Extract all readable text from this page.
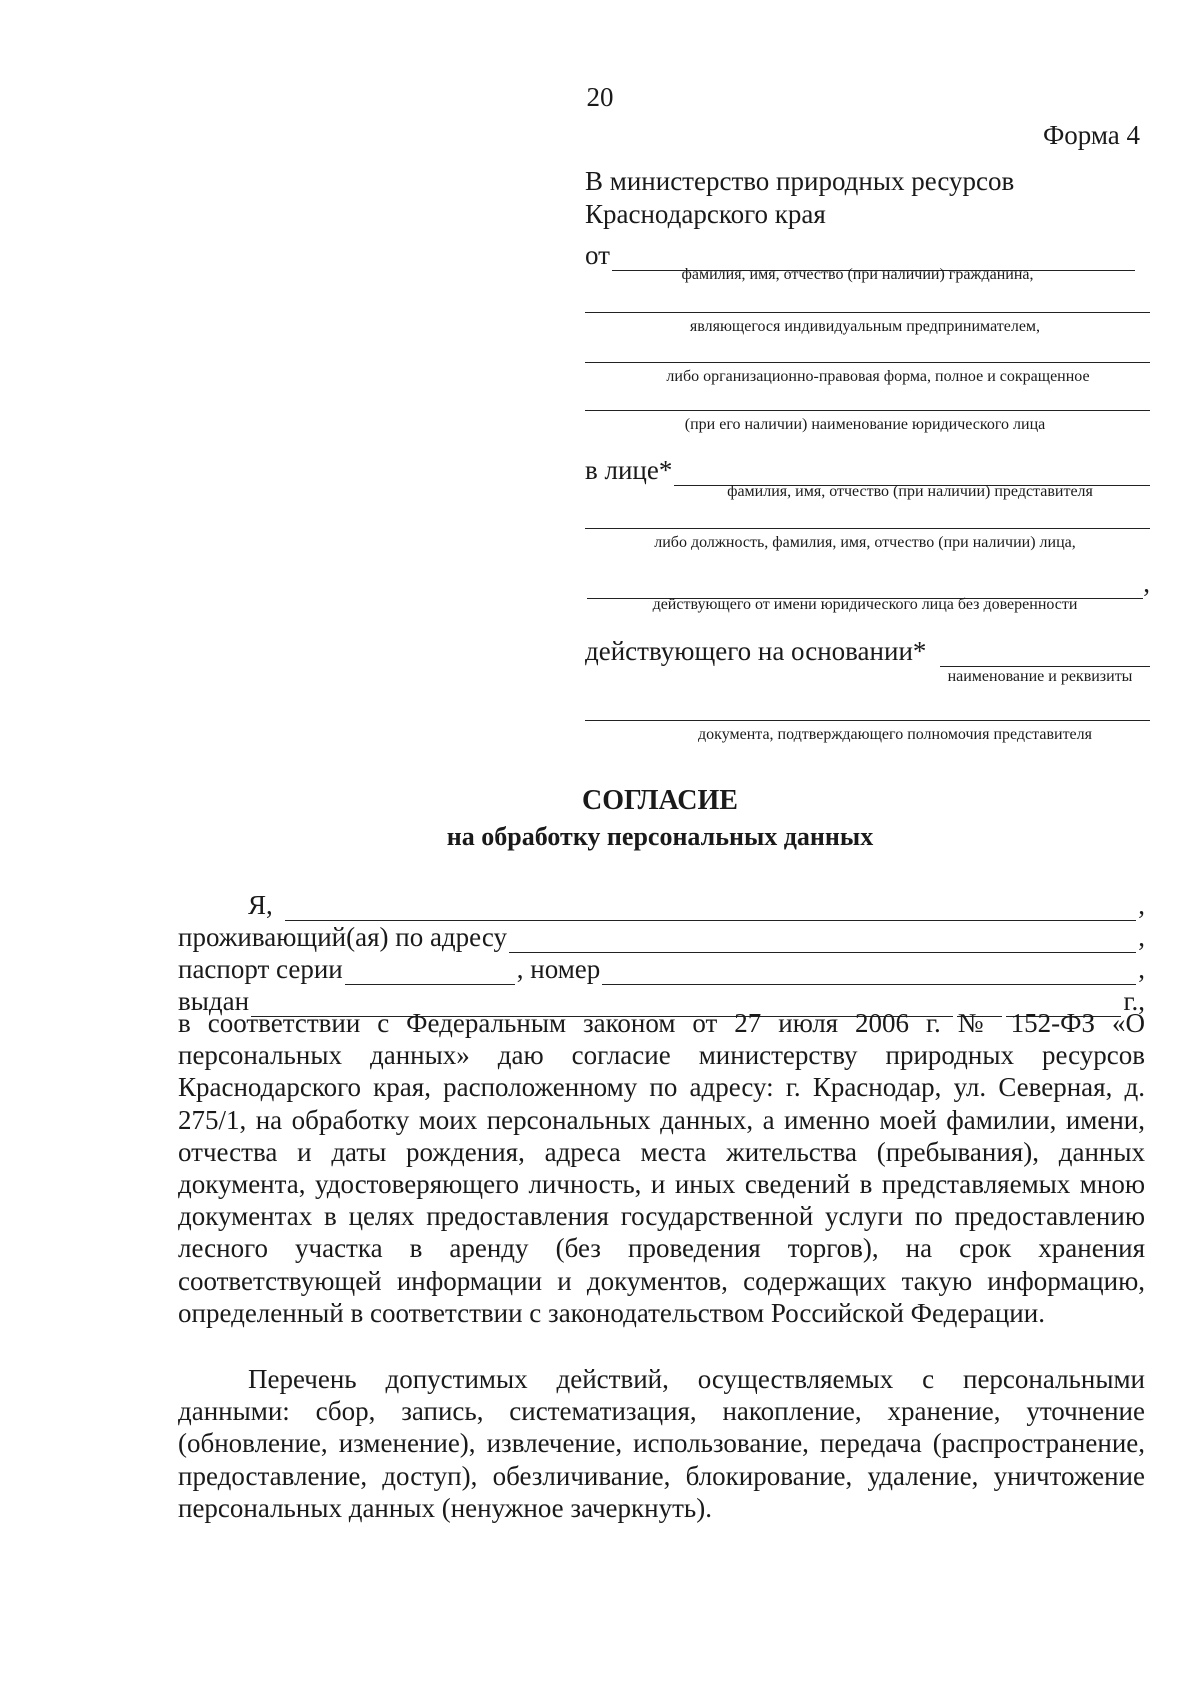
20
Форма 4
В министерство природных ресурсов
Краснодарского края
от
фамилия, имя, отчество (при наличии) гражданина,
являющегося индивидуальным предпринимателем,
либо организационно-правовая форма, полное и сокращенное
(при его наличии) наименование юридического лица
в лице*
фамилия, имя, отчество (при наличии) представителя
либо должность, фамилия, имя, отчество (при наличии) лица,
,
действующего от имени юридического лица без доверенности
действующего на основании*
наименование и реквизиты
документа, подтверждающего полномочия представителя
СОГЛАСИЕ
на обработку персональных данных
Я,	,
проживающий(ая) по адресу	,
паспорт серии	, номер	,
выдан	г.,

в соответствии с Федеральным законом от 27 июля 2006 г. № 152-ФЗ «О персональных данных» даю согласие министерству природных ресурсов Краснодарского края, расположенному по адресу: г. Краснодар, ул. Северная, д. 275/1, на обработку моих персональных данных, а именно моей фамилии, имени, отчества и даты рождения, адреса места жительства (пребывания), данных документа, удостоверяющего личность, и иных сведений в представляемых мною документах в целях предоставления государственной услуги по предоставлению лесного участка в аренду (без проведения торгов), на срок хранения соответствующей информации и документов, содержащих такую информацию, определенный в соответствии с законодательством Российской Федерации.

Перечень допустимых действий, осуществляемых с персональными данными: сбор, запись, систематизация, накопление, хранение, уточнение (обновление, изменение), извлечение, использование, передача (распространение, предоставление, доступ), обезличивание, блокирование, удаление, уничтожение персональных данных (ненужное зачеркнуть).
